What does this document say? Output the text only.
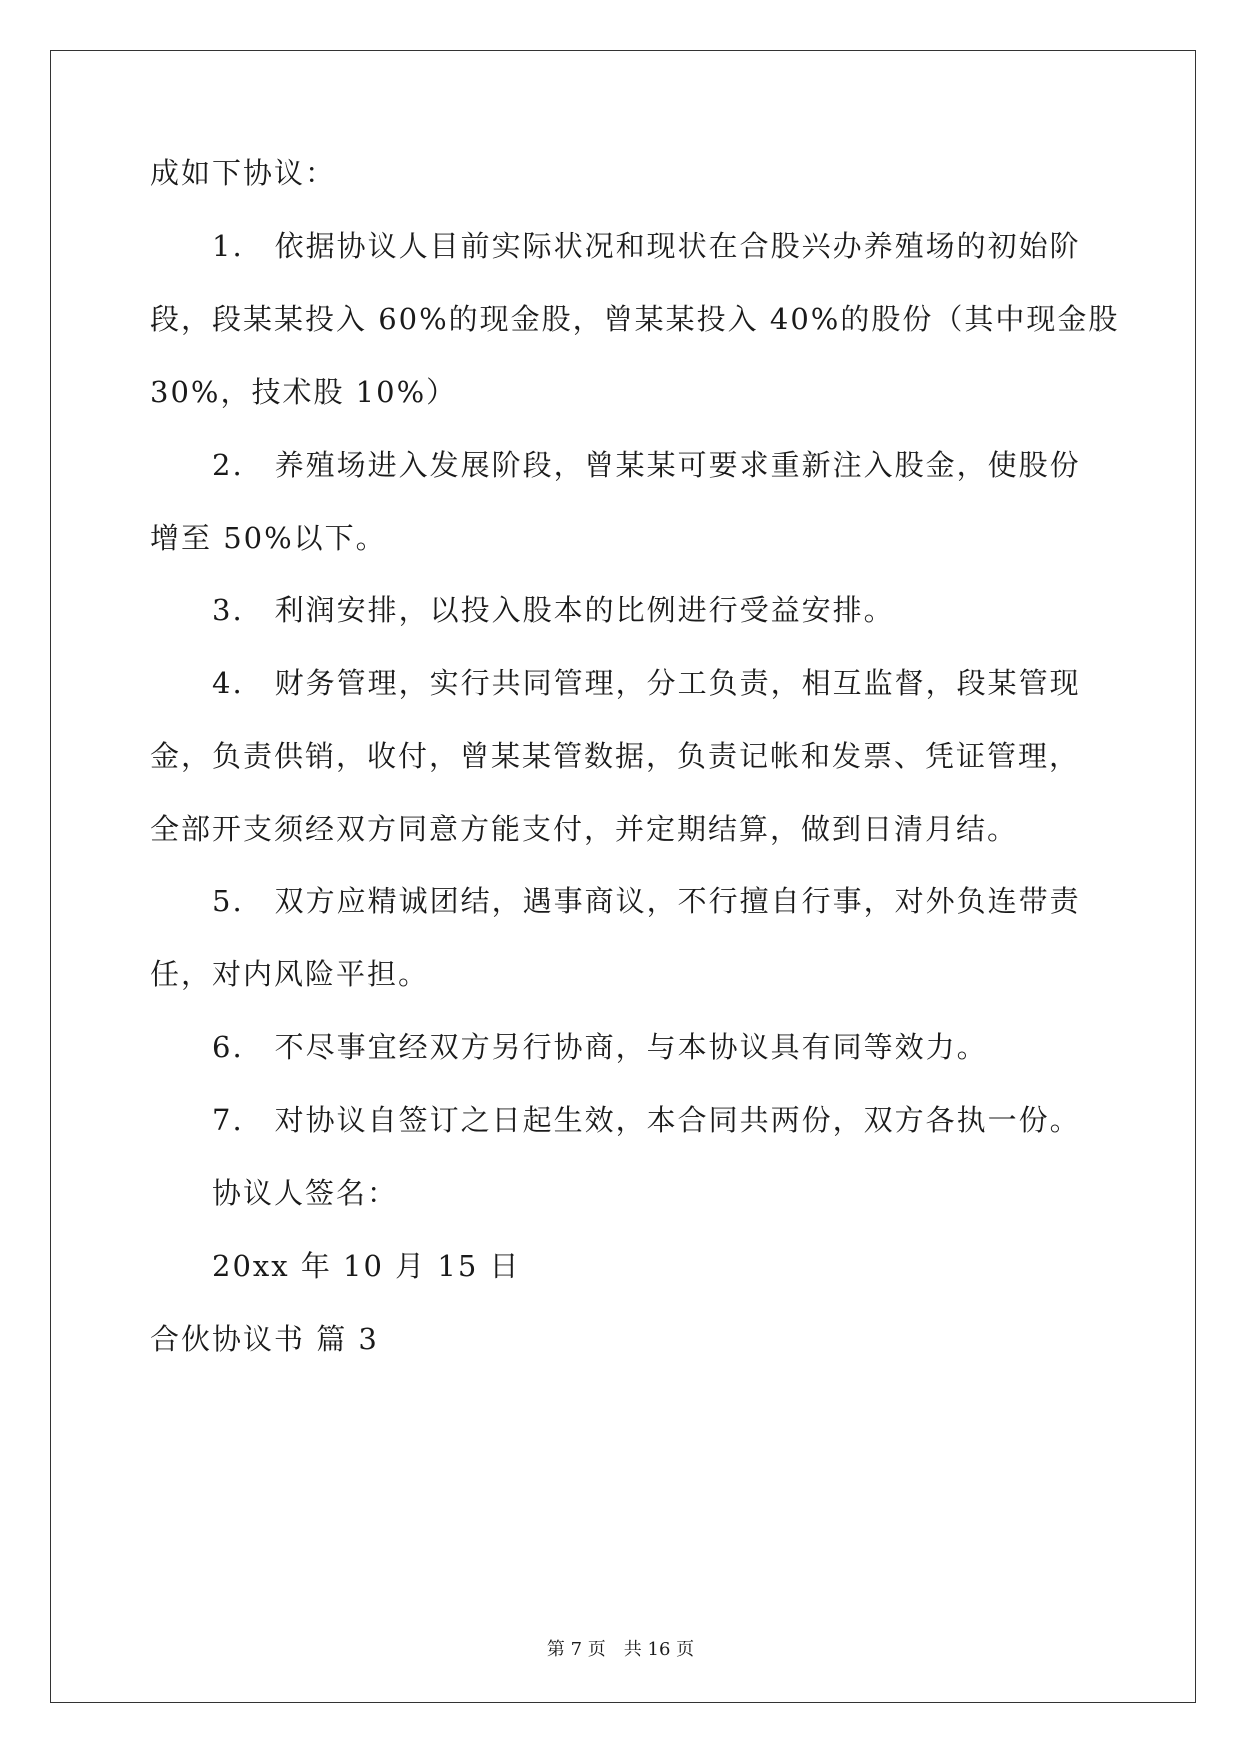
成如下协议：
1.　依据协议人目前实际状况和现状在合股兴办养殖场的初始阶
段，段某某投入 60%的现金股，曾某某投入 40%的股份（其中现金股
30%，技术股 10%）
2.　养殖场进入发展阶段，曾某某可要求重新注入股金，使股份
增至 50%以下。
3.　利润安排，以投入股本的比例进行受益安排。
4.　财务管理，实行共同管理，分工负责，相互监督，段某管现
金，负责供销，收付，曾某某管数据，负责记帐和发票、凭证管理，
全部开支须经双方同意方能支付，并定期结算，做到日清月结。
5.　双方应精诚团结，遇事商议，不行擅自行事，对外负连带责
任，对内风险平担。
6.　不尽事宜经双方另行协商，与本协议具有同等效力。
7.　对协议自签订之日起生效，本合同共两份，双方各执一份。
协议人签名：
20xx 年 10 月 15 日
合伙协议书 篇 3
第 7 页　共 16 页
